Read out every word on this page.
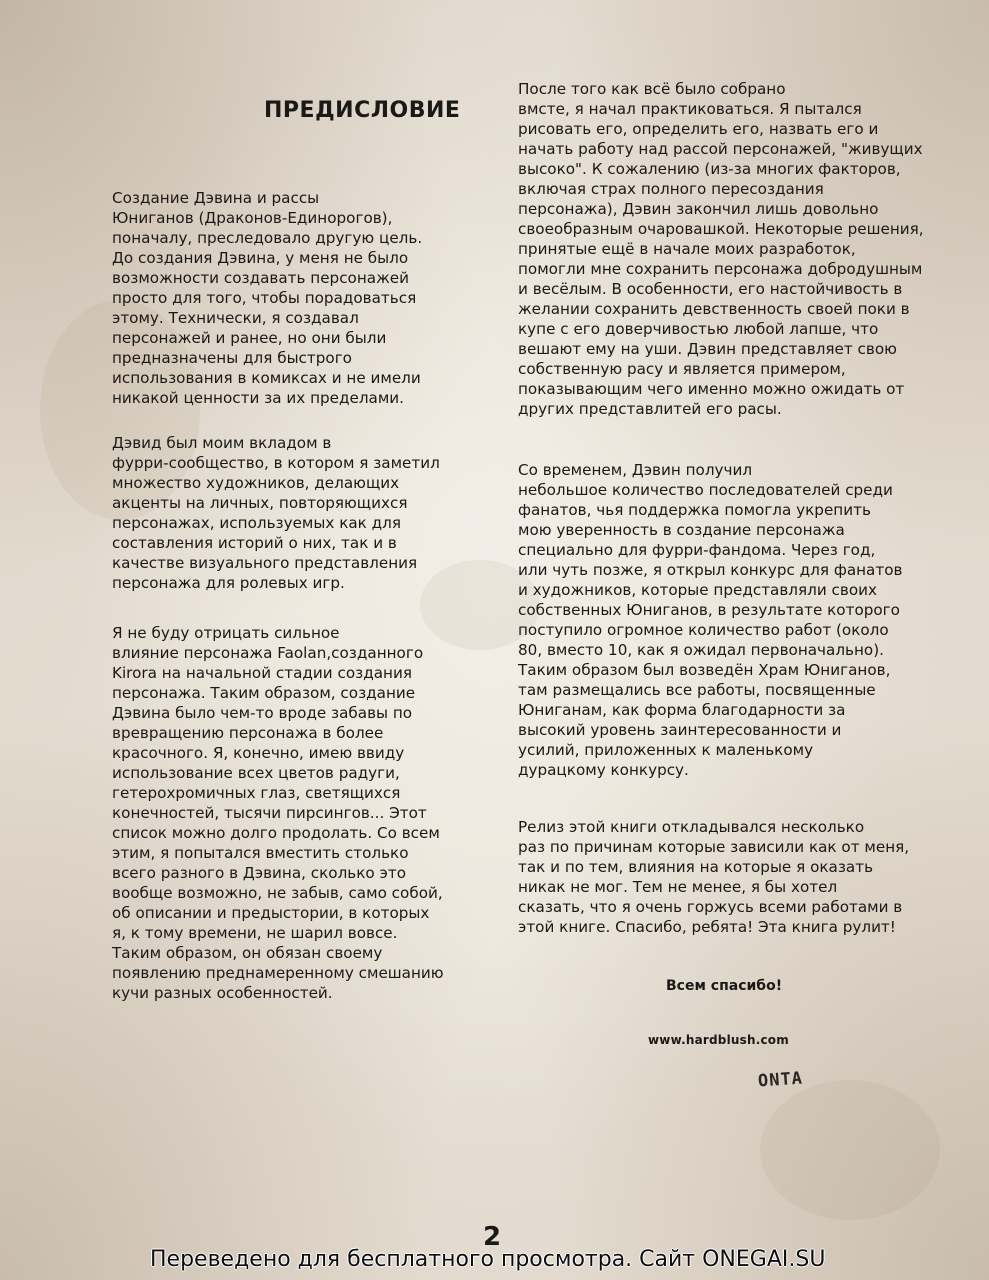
ПРЕДИСЛОВИЕ

Создание Дэвина и рассы
Юниганов (Драконов-Единорогов),
поначалу, преследовало другую цель.
До создания Дэвина, у меня не было
возможности создавать персонажей
просто для того, чтобы порадоваться
этому. Технически, я создавал
персонажей и ранее, но они были
предназначены для быстрого
использования в комиксах и не имели
никакой ценности за их пределами.

Дэвид был моим вкладом в
фурри-сообщество, в котором я заметил
множество художников, делающих
акценты на личных, повторяющихся
персонажах, используемых как для
составления историй о них, так и в
качестве визуального представления
персонажа для ролевых игр.

Я не буду отрицать сильное
влияние персонажа Faolan,созданного
Kirora на начальной стадии создания
персонажа. Таким образом, создание
Дэвина было чем-то вроде забавы по
вревращению персонажа в более
красочного. Я, конечно, имею ввиду
использование всех цветов радуги,
гетерохромичных глаз, светящихся
конечностей, тысячи пирсингов... Этот
список можно долго продолать. Со всем
этим, я попытался вместить столько
всего разного в Дэвина, сколько это
вообще возможно, не забыв, само собой,
об описании и предыстории, в которых
я, к тому времени, не шарил вовсе.
Таким образом, он обязан своему
появлению преднамеренному смешанию
кучи разных особенностей.

После того как всё было собрано
вмсте, я начал практиковаться. Я пытался
рисовать его, определить его, назвать его и
начать работу над рассой персонажей, "живущих
высоко". К сожалению (из-за многих факторов,
включая страх полного пересоздания
персонажа), Дэвин закончил лишь довольно
своеобразным очаровашкой. Некоторые решения,
принятые ещё в начале моих разработок,
помогли мне сохранить персонажа добродушным
и весёлым. В особенности, его настойчивость в
желании сохранить девственность своей поки в
купе с его доверчивостью любой лапше, что
вешают ему на уши. Дэвин представляет свою
собственную расу и является примером,
показывающим чего именно можно ожидать от
других представлитей его расы.

Со временем, Дэвин получил
небольшое количество последователей среди
фанатов, чья поддержка помогла укрепить
мою уверенность в создание персонажа
специально для фурри-фандома. Через год,
или чуть позже, я открыл конкурс для фанатов
и художников, которые представляли своих
собственных Юниганов, в результате которого
поступило огромное количество работ (около
80, вместо 10, как я ожидал первоначально).
Таким образом был возведён Храм Юниганов,
там размещались все работы, посвященные
Юниганам, как форма благодарности за
высокий уровень заинтересованности и
усилий, приложенных к маленькому
дурацкому конкурсу.

Релиз этой книги откладывался несколько
раз по причинам которые зависили как от меня,
так и по тем, влияния на которые я оказать
никак не мог. Тем не менее, я бы хотел
сказать, что я очень горжусь всеми работами в
этой книге. Спасибо, ребята! Эта книга рулит!

Всем спасибо!
www.hardblush.com
ONTA
2
Переведено для бесплатного просмотра. Сайт ONEGAI.SU
